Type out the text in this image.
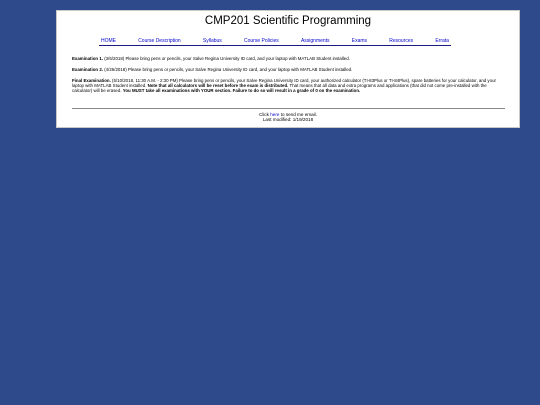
CMP201 Scientific Programming
HOME	Course Description	Syllabus	Course Policies	Assignments	Exams	Resources	Errata

Examination 1. (3/6/2018) Please bring pens or pencils, your Salve Regina University ID card, and your laptop with MATLAB Student installed.

Examination 2. (4/26/2018) Please bring pens or pencils, your Salve Regina University ID card, and your laptop with MATLAB Student installed.

Final Examination. (5/10/2018, 11:30 A.M. - 2:30 PM) Please bring pens or pencils, your Salve Regina University ID card, your authorized calculator (TI-83Plus or TI-84Plus), spare batteries for your calculator, and your laptop with MATLAB Student installed. Note that all calculators will be reset before the exam is distributed. That means that all data and extra programs and applications (that did not come pre-installed with the calculator) will be erased. You MUST take all examinations with YOUR section. Failure to do so will result in a grade of 0 on the examination.

Click here to send me email.
Last modified: 1/19/2018
